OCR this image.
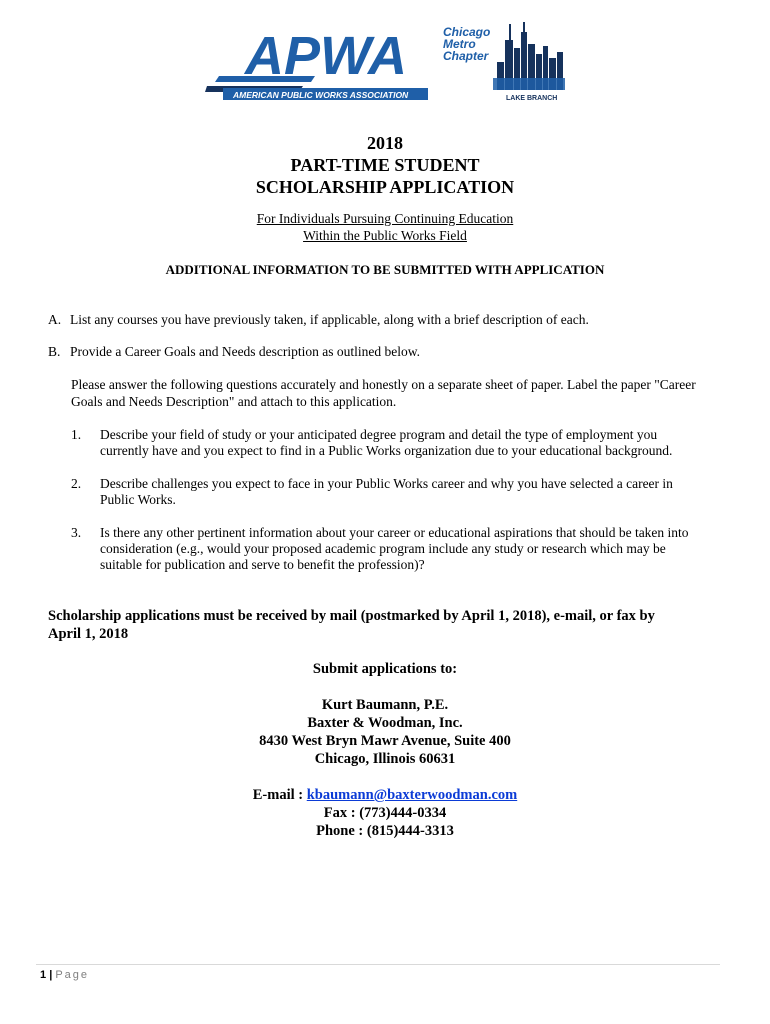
APWA
AMERICAN PUBLIC WORKS ASSOCIATION
Chicago
Metro
Chapter
LAKE BRANCH
2018
PART-TIME STUDENT
SCHOLARSHIP APPLICATION
For Individuals Pursuing Continuing Education
Within the Public Works Field
ADDITIONAL INFORMATION TO BE SUBMITTED WITH APPLICATION
A. List any courses you have previously taken, if applicable, along with a brief description of each.
B. Provide a Career Goals and Needs description as outlined below.
Please answer the following questions accurately and honestly on a separate sheet of paper. Label the paper "Career
Goals and Needs Description" and attach to this application.
1. Describe your field of study or your anticipated degree program and detail the type of employment you
currently have and you expect to find in a Public Works organization due to your educational background.
2. Describe challenges you expect to face in your Public Works career and why you have selected a career in
Public Works.
3. Is there any other pertinent information about your career or educational aspirations that should be taken into
consideration (e.g., would your proposed academic program include any study or research which may be
suitable for publication and serve to benefit the profession)?
Scholarship applications must be received by mail (postmarked by April 1, 2018), e-mail, or fax by
April 1, 2018
Submit applications to:
Kurt Baumann, P.E.
Baxter & Woodman, Inc.
8430 West Bryn Mawr Avenue, Suite 400
Chicago, Illinois 60631
E-mail : kbaumann@baxterwoodman.com
Fax : (773)444-0334
Phone : (815)444-3313
1 | Page
